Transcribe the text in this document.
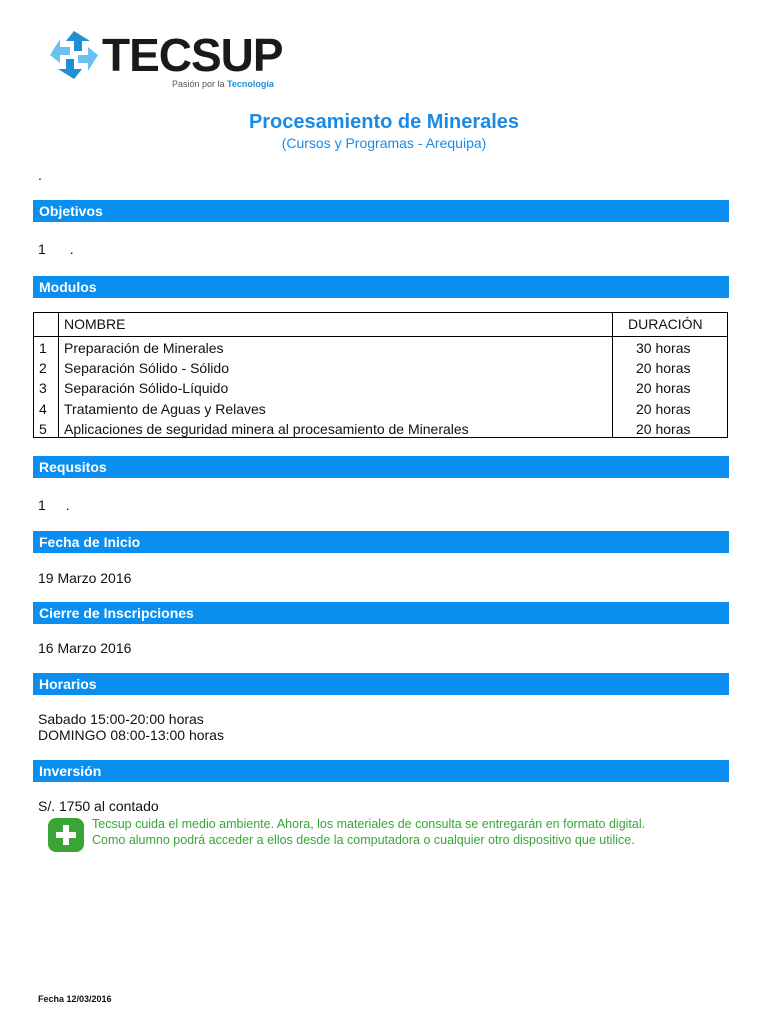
TECSUP
Pasión por la Tecnología
Procesamiento de Minerales
(Cursos y Programas - Arequipa)
.
Objetivos
1 .
Modulos
NOMBRE	DURACIÓN
1 Preparación de Minerales	30 horas
2 Separación Sólido - Sólido	20 horas
3 Separación Sólido-Líquido	20 horas
4 Tratamiento de Aguas y Relaves	20 horas
5 Aplicaciones de seguridad minera al procesamiento de Minerales	20 horas
Requsitos
1 .
Fecha de Inicio
19 Marzo 2016
Cierre de Inscripciones
16 Marzo 2016
Horarios
Sabado 15:00-20:00 horas
DOMINGO 08:00-13:00 horas
Inversión
S/. 1750 al contado
Tecsup cuida el medio ambiente. Ahora, los materiales de consulta se entregarán en formato digital.
Como alumno podrá acceder a ellos desde la computadora o cualquier otro dispositivo que utilice.
Fecha 12/03/2016
